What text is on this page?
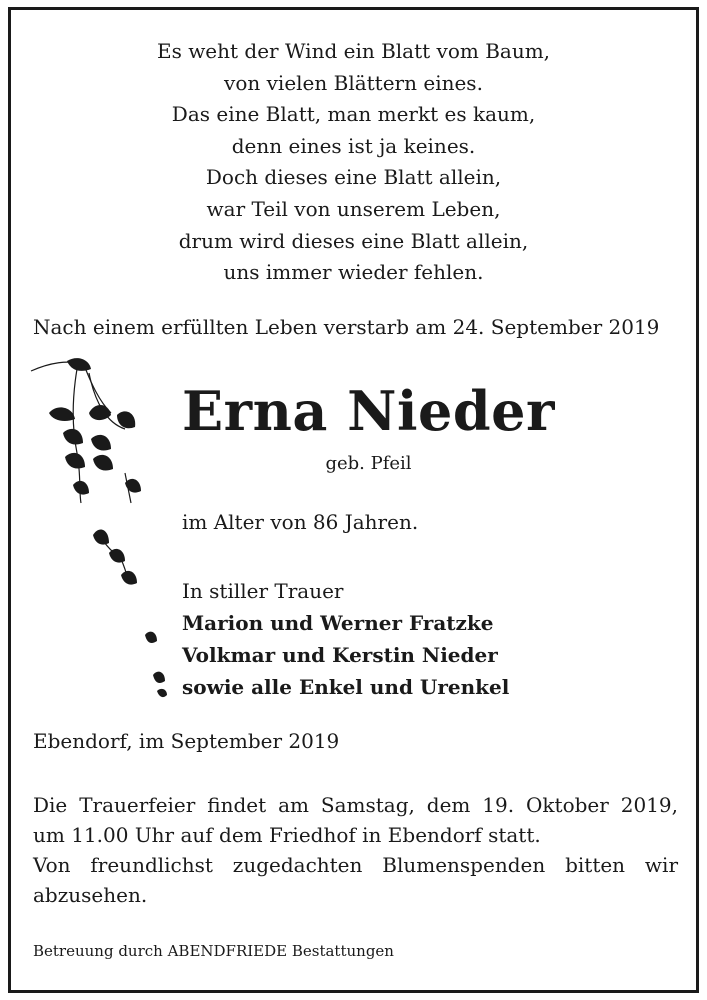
Es weht der Wind ein Blatt vom Baum,
von vielen Blättern eines.
Das eine Blatt, man merkt es kaum,
denn eines ist ja keines.
Doch dieses eine Blatt allein,
war Teil von unserem Leben,
drum wird dieses eine Blatt allein,
uns immer wieder fehlen.
Nach einem erfüllten Leben verstarb am 24. September 2019
Erna Nieder
geb. Pfeil
im Alter von 86 Jahren.
In stiller Trauer
Marion und Werner Fratzke
Volkmar und Kerstin Nieder
sowie alle Enkel und Urenkel
Ebendorf, im September 2019
Die Trauerfeier findet am Samstag, dem 19. Oktober 2019,
um 11.00 Uhr auf dem Friedhof in Ebendorf statt.
Von freundlichst zugedachten Blumenspenden bitten wir
abzusehen.
Betreuung durch ABENDFRIEDE Bestattungen
